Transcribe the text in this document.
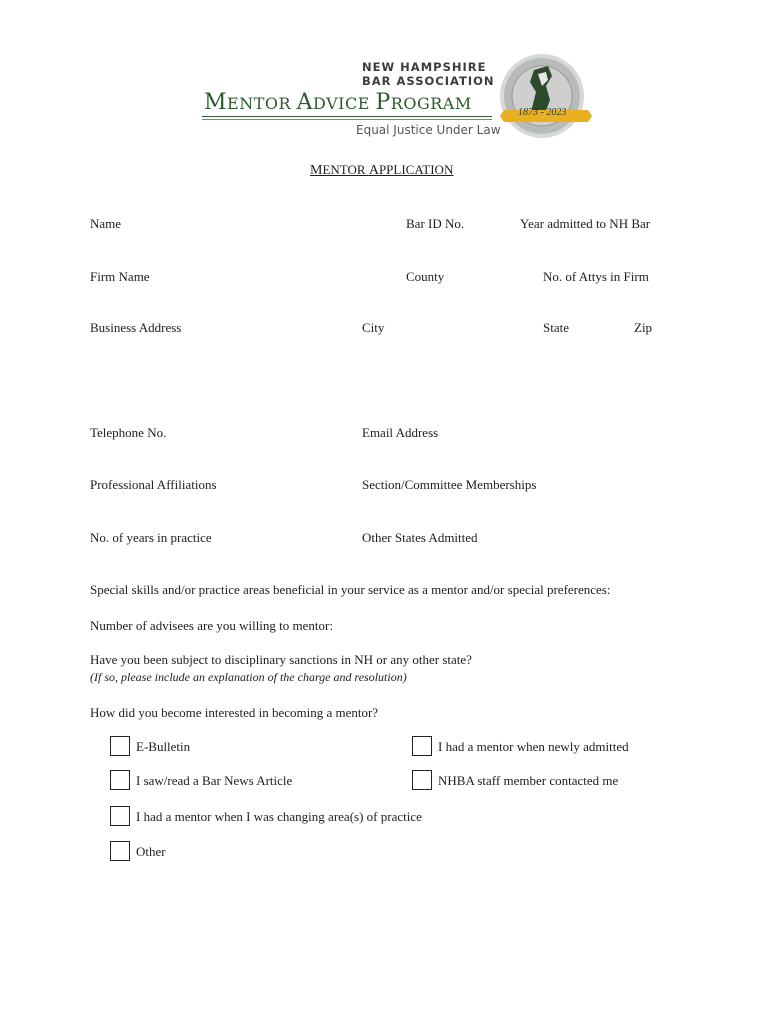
NEW HAMPSHIRE
BAR ASSOCIATION
MENTOR ADVICE PROGRAM
Equal Justice Under Law
1873 - 2023
MENTOR APPLICATION
Name	Bar ID No.	Year admitted to NH Bar
Firm Name	County	No. of Attys in Firm
Business Address	City	State	Zip
Telephone No.	Email Address
Professional Affiliations	Section/Committee Memberships
No. of years in practice	Other States Admitted
Special skills and/or practice areas beneficial in your service as a mentor and/or special preferences:
Number of advisees are you willing to mentor:
Have you been subject to disciplinary sanctions in NH or any other state?
(If so, please include an explanation of the charge and resolution)
How did you become interested in becoming a mentor?
E-Bulletin	I had a mentor when newly admitted
I saw/read a Bar News Article	NHBA staff member contacted me
I had a mentor when I was changing area(s) of practice
Other
